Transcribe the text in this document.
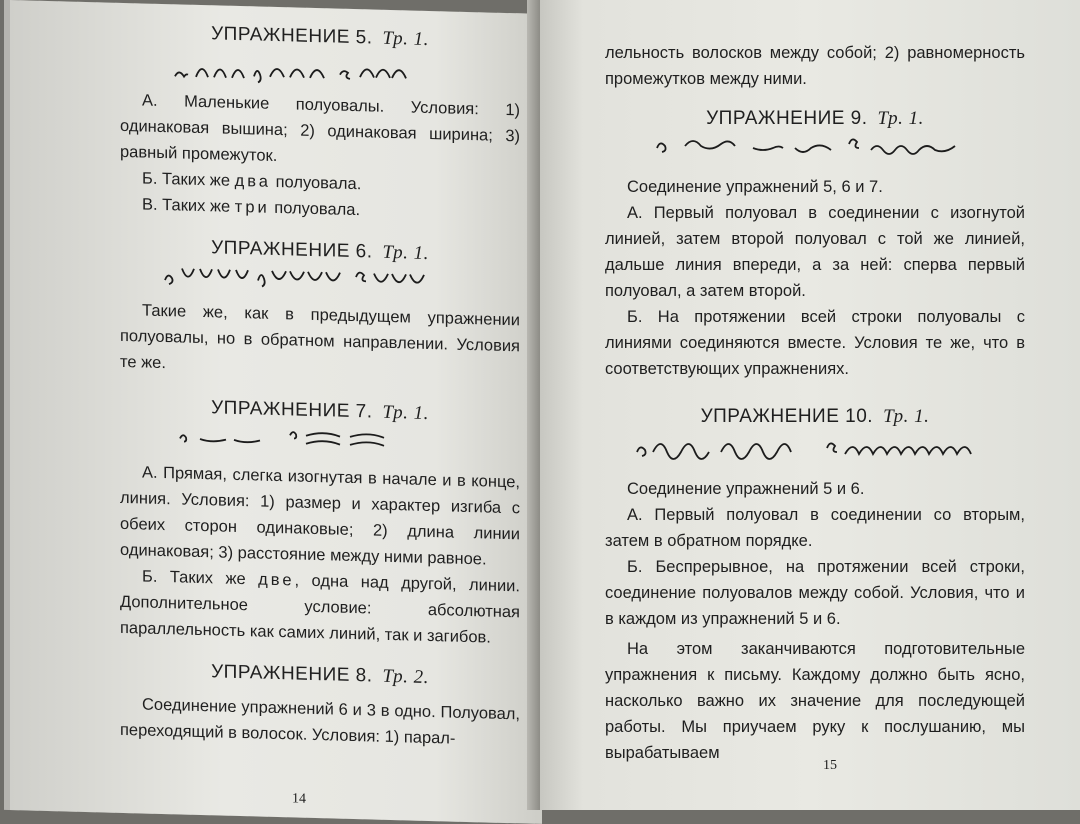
УПРАЖНЕНИЕ 5. Тр. 1.

А. Маленькие полуовалы. Условия: 1) одинаковая вышина; 2) одинаковая ширина; 3) равный промежуток.

Б. Таких же два полуовала.

В. Таких же три полуовала.

УПРАЖНЕНИЕ 6. Тр. 1.

Такие же, как в предыдущем упражнении полуовалы, но в обратном направлении. Условия те же.

УПРАЖНЕНИЕ 7. Тр. 1.

А. Прямая, слегка изогнутая в начале и в конце, линия. Условия: 1) размер и характер изгиба с обеих сторон одинаковые; 2) длина линии одинаковая; 3) расстояние между ними равное.

Б. Таких же две, одна над другой, линии. Дополнительное условие: абсолютная параллельность как самих линий, так и загибов.

УПРАЖНЕНИЕ 8. Тр. 2.

Соединение упражнений 6 и 3 в одно. Полуовал, переходящий в волосок. Условия: 1) парал-

14

лельность волосков между собой; 2) равномерность промежутков между ними.

УПРАЖНЕНИЕ 9. Тр. 1.

Соединение упражнений 5, 6 и 7.

А. Первый полуовал в соединении с изогнутой линией, затем второй полуовал с той же линией, дальше линия впереди, а за ней: сперва первый полуовал, а затем второй.

Б. На протяжении всей строки полуовалы с линиями соединяются вместе. Условия те же, что в соответствующих упражнениях.

УПРАЖНЕНИЕ 10. Тр. 1.

Соединение упражнений 5 и 6.

А. Первый полуовал в соединении со вторым, затем в обратном порядке.

Б. Беспрерывное, на протяжении всей строки, соединение полуовалов между собой. Условия, что и в каждом из упражнений 5 и 6.

На этом заканчиваются подготовительные упражнения к письму. Каждому должно быть ясно, насколько важно их значение для последующей работы. Мы приучаем руку к послушанию, мы вырабатываем

15
